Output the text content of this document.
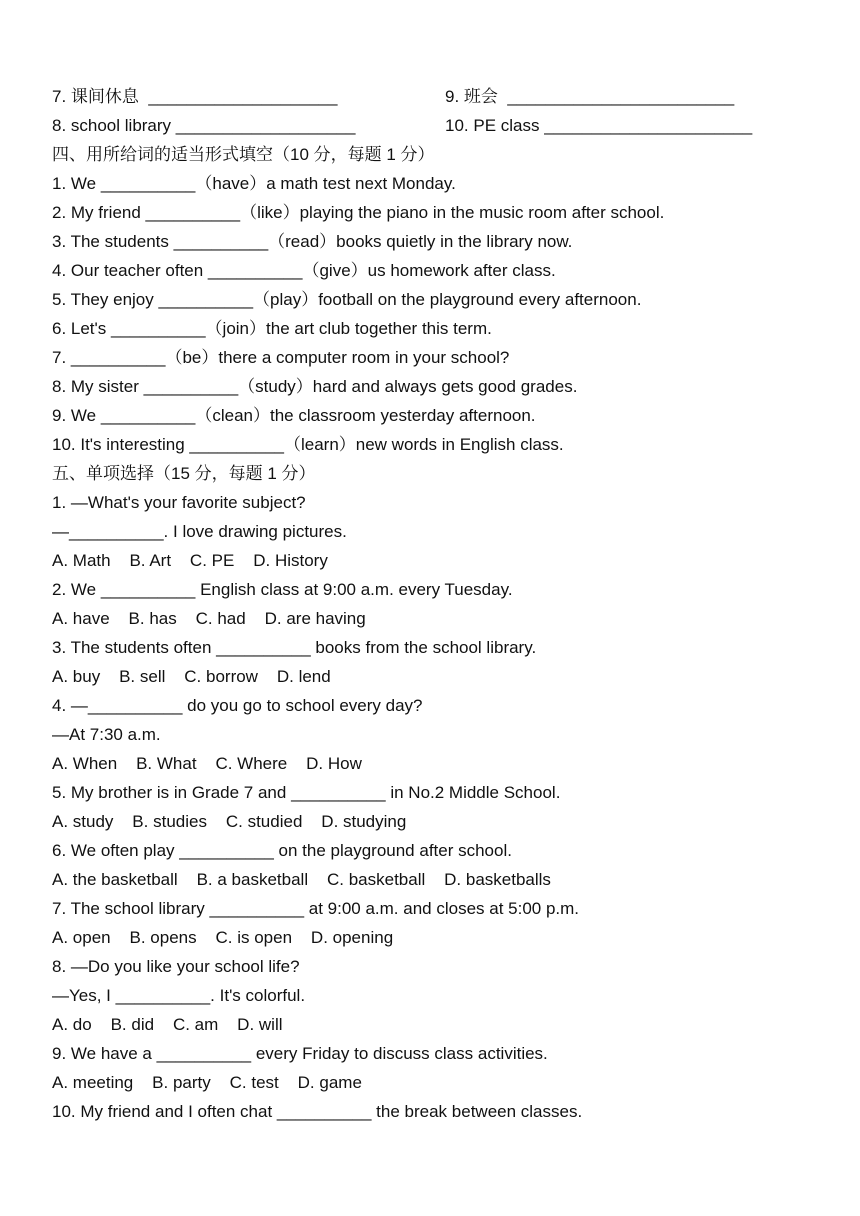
7. 课间休息  ____________________	9. 班会  ________________________
8. school library ___________________	10. PE class ______________________
四、用所给词的适当形式填空（10 分，每题 1 分）
1. We __________（have）a math test next Monday.
2. My friend __________（like）playing the piano in the music room after school.
3. The students __________（read）books quietly in the library now.
4. Our teacher often __________（give）us homework after class.
5. They enjoy __________（play）football on the playground every afternoon.
6. Let's __________（join）the art club together this term.
7. __________（be）there a computer room in your school?
8. My sister __________（study）hard and always gets good grades.
9. We __________（clean）the classroom yesterday afternoon.
10. It's interesting __________（learn）new words in English class.
五、单项选择（15 分，每题 1 分）
1. —What's your favorite subject?
—__________. I love drawing pictures.
A. Math    B. Art    C. PE    D. History
2. We __________ English class at 9:00 a.m. every Tuesday.
A. have    B. has    C. had    D. are having
3. The students often __________ books from the school library.
A. buy    B. sell    C. borrow    D. lend
4. —__________ do you go to school every day?
—At 7:30 a.m.
A. When    B. What    C. Where    D. How
5. My brother is in Grade 7 and __________ in No.2 Middle School.
A. study    B. studies    C. studied    D. studying
6. We often play __________ on the playground after school.
A. the basketball    B. a basketball    C. basketball    D. basketballs
7. The school library __________ at 9:00 a.m. and closes at 5:00 p.m.
A. open    B. opens    C. is open    D. opening
8. —Do you like your school life?
—Yes, I __________. It's colorful.
A. do    B. did    C. am    D. will
9. We have a __________ every Friday to discuss class activities.
A. meeting    B. party    C. test    D. game
10. My friend and I often chat __________ the break between classes.
